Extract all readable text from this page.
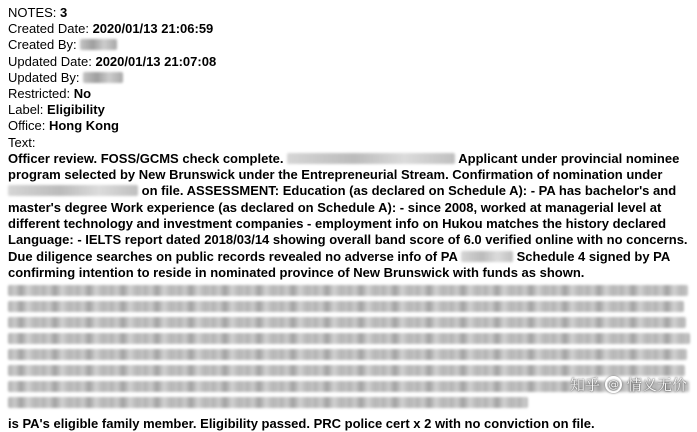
NOTES: 3
Created Date: 2020/01/13 21:06:59
Created By:
Updated Date: 2020/01/13 21:07:08
Updated By:
Restricted: No
Label: Eligibility
Office: Hong Kong
Text:
Officer review. FOSS/GCMS check complete.	Applicant under provincial nominee program selected by New Brunswick under the Entrepreneurial Stream. Confirmation of nomination under  on file. ASSESSMENT: Education (as declared on Schedule A): - PA has bachelor's and master's degree Work experience (as declared on Schedule A): - since 2008, worked at managerial level at different technology and investment companies - employment info on Hukou matches the history declared Language: - IELTS report dated 2018/03/14 showing overall band score of 6.0 verified online with no concerns. Due diligence searches on public records revealed no adverse info of PA	Schedule 4 signed by PA confirming intention to reside in nominated province of New Brunswick with funds as shown.
is PA's eligible family member. Eligibility passed. PRC police cert x 2 with no conviction on file.
知乎 @ 情义无价
